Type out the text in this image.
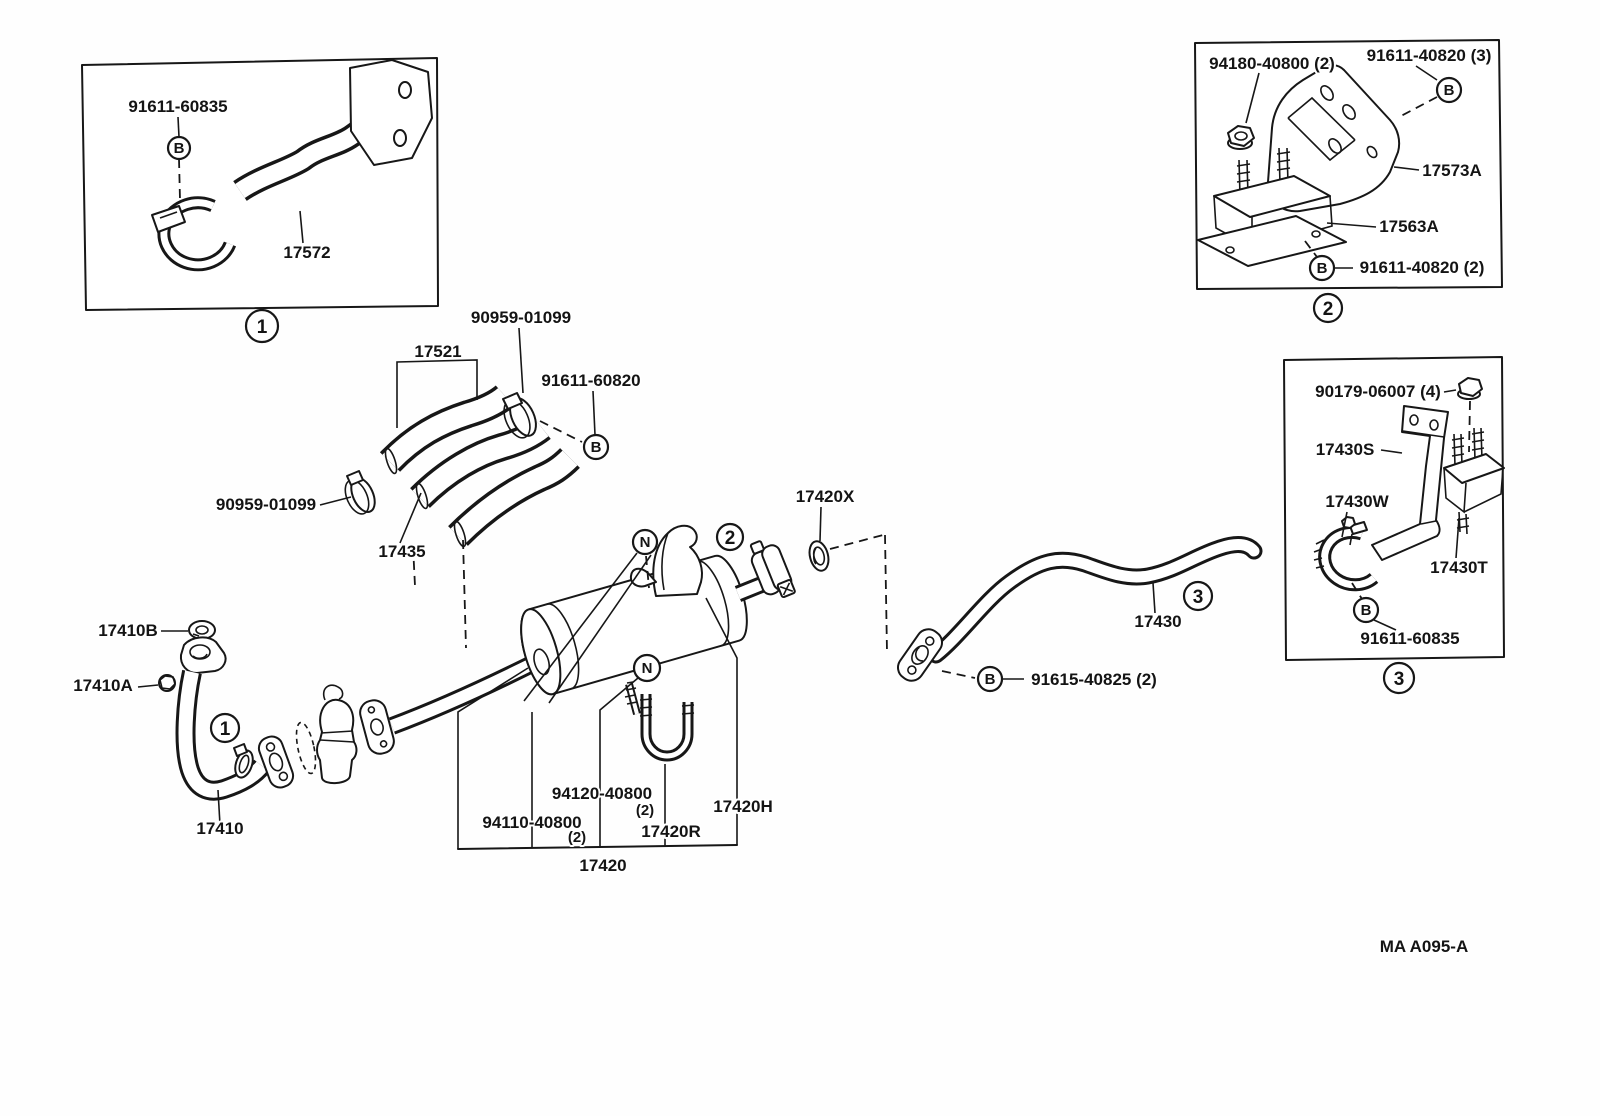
91611-60835
17572
B
1
94180-40800 (2) 91611-40820 (3)
17573A
17563A
91611-40820 (2)
B
B
2
90179-06007 (4)
17430S
17430W
17430T
91611-60835
B
3
90959-01099
17521
91611-60820
90959-01099
17435
17410B
17410A
17410
17420X
94120-40800
(2)
94110-40800
(2)	17420R
17420H
17420
17430
91615-40825 (2)
B
B
N
N
1
2
3
MA A095-A
